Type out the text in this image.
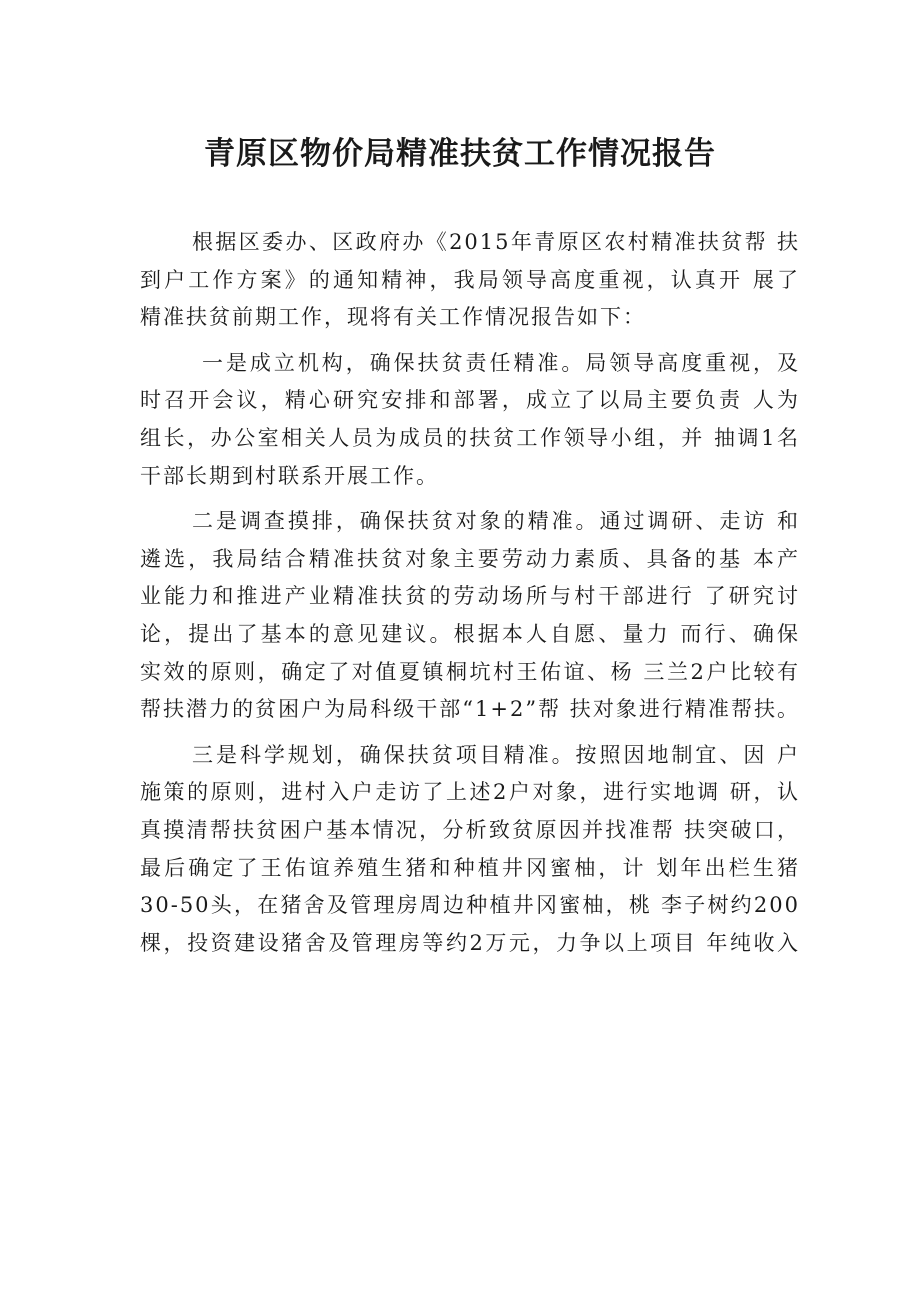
青原区物价局精准扶贫工作情况报告

根据区委办、区政府办《2015年青原区农村精准扶贫帮 扶

到户工作方案》的通知精神，我局领导高度重视，认真开 展了

精准扶贫前期工作，现将有关工作情况报告如下：

一是成立机构，确保扶贫责任精准。局领导高度重视，及

时召开会议，精心研究安排和部署，成立了以局主要负责 人为

组长，办公室相关人员为成员的扶贫工作领导小组，并 抽调1名

干部长期到村联系开展工作。

二是调查摸排，确保扶贫对象的精准。通过调研、走访 和

遴选，我局结合精准扶贫对象主要劳动力素质、具备的基 本产

业能力和推进产业精准扶贫的劳动场所与村干部进行 了研究讨

论，提出了基本的意见建议。根据本人自愿、量力 而行、确保

实效的原则，确定了对值夏镇桐坑村王佑谊、杨 三兰2户比较有

帮扶潜力的贫困户为局科级干部“1+2”帮 扶对象进行精准帮扶。

三是科学规划，确保扶贫项目精准。按照因地制宜、因 户

施策的原则，进村入户走访了上述2户对象，进行实地调 研，认

真摸清帮扶贫困户基本情况，分析致贫原因并找准帮 扶突破口，

最后确定了王佑谊养殖生猪和种植井冈蜜柚，计 划年出栏生猪

30-50头，在猪舍及管理房周边种植井冈蜜柚，桃 李子树约200

棵，投资建设猪舍及管理房等约2万元，力争以上项目 年纯收入
